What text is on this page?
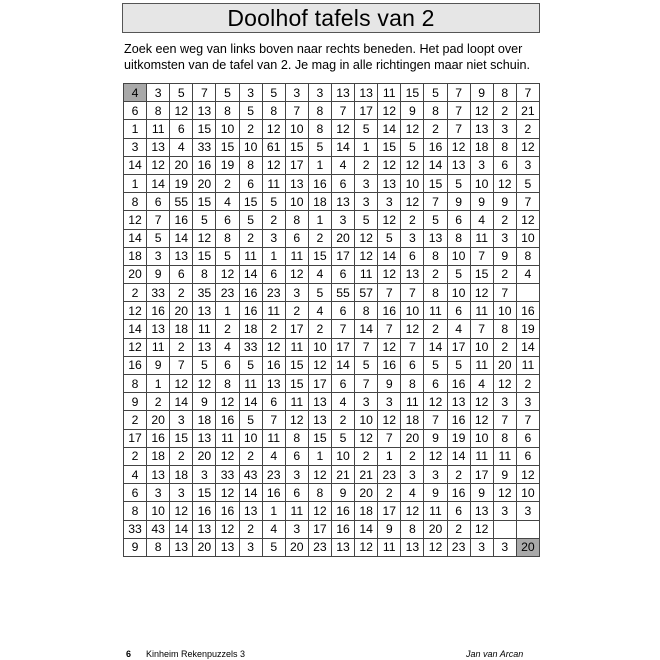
Doolhof tafels van 2

Zoek een weg van links boven naar rechts beneden. Het pad loopt over

uitkomsten van de tafel van 2. Je mag in alle richtingen maar niet schuin.

4	3	5	7	5	3	5	3	3	13	13	11	15	5	7	9	8	7
6	8	12	13	8	5	8	7	8	7	17	12	9	8	7	12	2	21
1	11	6	15	10	2	12	10	8	12	5	14	12	2	7	13	3	2
3	13	4	33	15	10	61	15	5	14	1	15	5	16	12	18	8	12
14	12	20	16	19	8	12	17	1	4	2	12	12	14	13	3	6	3
1	14	19	20	2	6	11	13	16	6	3	13	10	15	5	10	12	5
8	6	55	15	4	15	5	10	18	13	3	3	12	7	9	9	9	7
12	7	16	5	6	5	2	8	1	3	5	12	2	5	6	4	2	12
14	5	14	12	8	2	3	6	2	20	12	5	3	13	8	11	3	10
18	3	13	15	5	11	1	11	15	17	12	14	6	8	10	7	9	8
20	9	6	8	12	14	6	12	4	6	11	12	13	2	5	15	2	4
2	33	2	35	23	16	23	3	5	55	57	7	7	8	10	12	7	
12	16	20	13	1	16	11	2	4	6	8	16	10	11	6	11	10	16
14	13	18	11	2	18	2	17	2	7	14	7	12	2	4	7	8	19
12	11	2	13	4	33	12	11	10	17	7	12	7	14	17	10	2	14
16	9	7	5	6	5	16	15	12	14	5	16	6	5	5	11	20	11
8	1	12	12	8	11	13	15	17	6	7	9	8	6	16	4	12	2
9	2	14	9	12	14	6	11	13	4	3	3	11	12	13	12	3	3
2	20	3	18	16	5	7	12	13	2	10	12	18	7	16	12	7	7
17	16	15	13	11	10	11	8	15	5	12	7	20	9	19	10	8	6
2	18	2	20	12	2	4	6	1	10	2	1	2	12	14	11	11	6
4	13	18	3	33	43	23	3	12	21	21	23	3	3	2	17	9	12
6	3	3	15	12	14	16	6	8	9	20	2	4	9	16	9	12	10
8	10	12	16	16	13	1	11	12	16	18	17	12	11	6	13	3	3
33	43	14	13	12	2	4	3	17	16	14	9	8	20	2	12		
9	8	13	20	13	3	5	20	23	13	12	11	13	12	23	3	3	20
6 Kinheim Rekenpuzzels 3	Jan van Arcan
